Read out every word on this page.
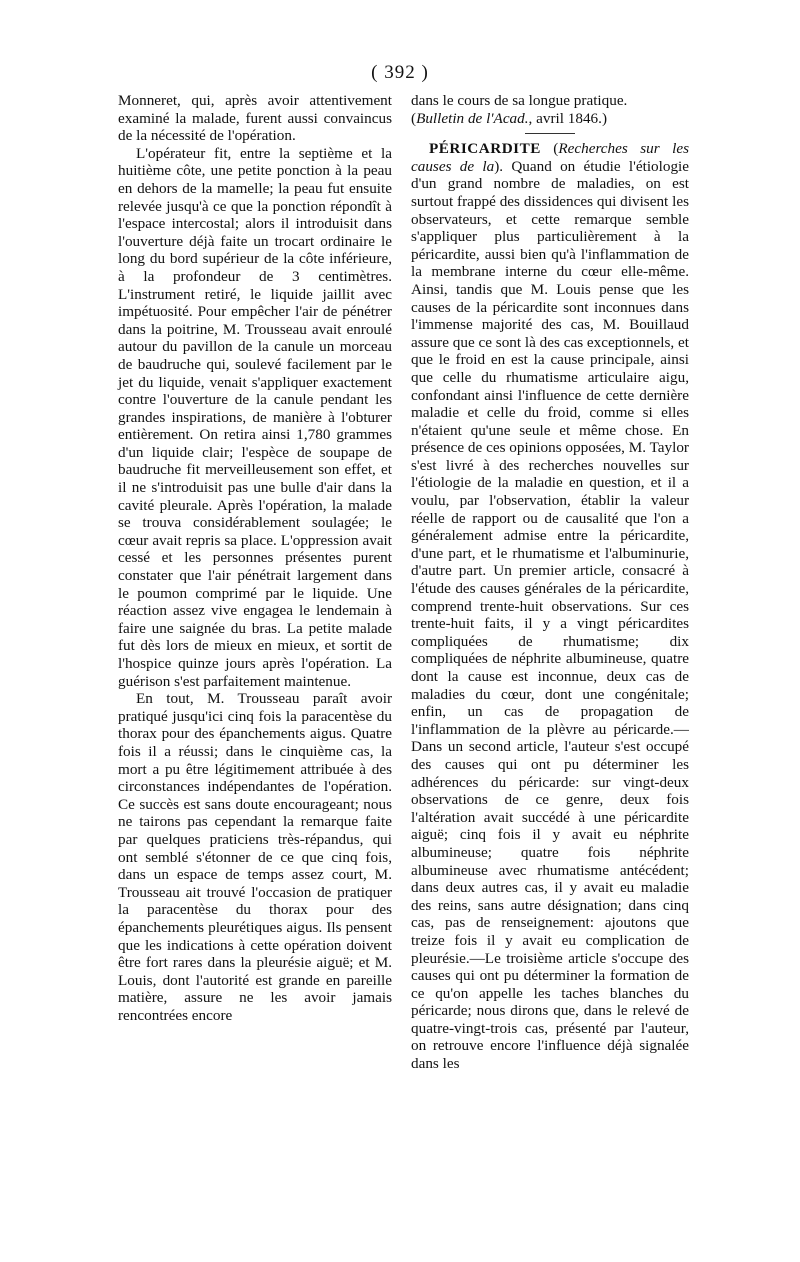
( 392 )

Monneret, qui, après avoir attentivement examiné la malade, furent aussi convaincus de la nécessité de l'opération.

L'opérateur fit, entre la septième et la huitième côte, une petite ponction à la peau en dehors de la mamelle; la peau fut ensuite relevée jusqu'à ce que la ponction répondît à l'espace intercostal; alors il introduisit dans l'ouverture déjà faite un trocart ordinaire le long du bord supérieur de la côte inférieure, à la profondeur de 3 centimètres. L'instrument retiré, le liquide jaillit avec impétuosité. Pour empêcher l'air de pénétrer dans la poitrine, M. Trousseau avait enroulé autour du pavillon de la canule un morceau de baudruche qui, soulevé facilement par le jet du liquide, venait s'appliquer exactement contre l'ouverture de la canule pendant les grandes inspirations, de manière à l'obturer entièrement. On retira ainsi 1,780 grammes d'un liquide clair; l'espèce de soupape de baudruche fit merveilleusement son effet, et il ne s'introduisit pas une bulle d'air dans la cavité pleurale. Après l'opération, la malade se trouva considérablement soulagée; le cœur avait repris sa place. L'oppression avait cessé et les personnes présentes purent constater que l'air pénétrait largement dans le poumon comprimé par le liquide. Une réaction assez vive engagea le lendemain à faire une saignée du bras. La petite malade fut dès lors de mieux en mieux, et sortit de l'hospice quinze jours après l'opération. La guérison s'est parfaitement maintenue.

En tout, M. Trousseau paraît avoir pratiqué jusqu'ici cinq fois la paracentèse du thorax pour des épanchements aigus. Quatre fois il a réussi; dans le cinquième cas, la mort a pu être légitimement attribuée à des circonstances indépendantes de l'opération. Ce succès est sans doute encourageant; nous ne tairons pas cependant la remarque faite par quelques praticiens très-répandus, qui ont semblé s'étonner de ce que cinq fois, dans un espace de temps assez court, M. Trousseau ait trouvé l'occasion de pratiquer la paracentèse du thorax pour des épanchements pleurétiques aigus. Ils pensent que les indications à cette opération doivent être fort rares dans la pleurésie aiguë; et M. Louis, dont l'autorité est grande en pareille matière, assure ne les avoir jamais rencontrées encore

dans le cours de sa longue pratique.

(Bulletin de l'Acad., avril 1846.)

PÉRICARDITE (Recherches sur les causes de la). Quand on étudie l'étiologie d'un grand nombre de maladies, on est surtout frappé des dissidences qui divisent les observateurs, et cette remarque semble s'appliquer plus particulièrement à la péricardite, aussi bien qu'à l'inflammation de la membrane interne du cœur elle-même. Ainsi, tandis que M. Louis pense que les causes de la péricardite sont inconnues dans l'immense majorité des cas, M. Bouillaud assure que ce sont là des cas exceptionnels, et que le froid en est la cause principale, ainsi que celle du rhumatisme articulaire aigu, confondant ainsi l'influence de cette dernière maladie et celle du froid, comme si elles n'étaient qu'une seule et même chose. En présence de ces opinions opposées, M. Taylor s'est livré à des recherches nouvelles sur l'étiologie de la maladie en question, et il a voulu, par l'observation, établir la valeur réelle de rapport ou de causalité que l'on a généralement admise entre la péricardite, d'une part, et le rhumatisme et l'albuminurie, d'autre part. Un premier article, consacré à l'étude des causes générales de la péricardite, comprend trente-huit observations. Sur ces trente-huit faits, il y a vingt péricardites compliquées de rhumatisme; dix compliquées de néphrite albumineuse, quatre dont la cause est inconnue, deux cas de maladies du cœur, dont une congénitale; enfin, un cas de propagation de l'inflammation de la plèvre au péricarde.—Dans un second article, l'auteur s'est occupé des causes qui ont pu déterminer les adhérences du péricarde: sur vingt-deux observations de ce genre, deux fois l'altération avait succédé à une péricardite aiguë; cinq fois il y avait eu néphrite albumineuse; quatre fois néphrite albumineuse avec rhumatisme antécédent; dans deux autres cas, il y avait eu maladie des reins, sans autre désignation; dans cinq cas, pas de renseignement: ajoutons que treize fois il y avait eu complication de pleurésie.—Le troisième article s'occupe des causes qui ont pu déterminer la formation de ce qu'on appelle les taches blanches du péricarde; nous dirons que, dans le relevé de quatre-vingt-trois cas, présenté par l'auteur, on retrouve encore l'influence déjà signalée dans les
